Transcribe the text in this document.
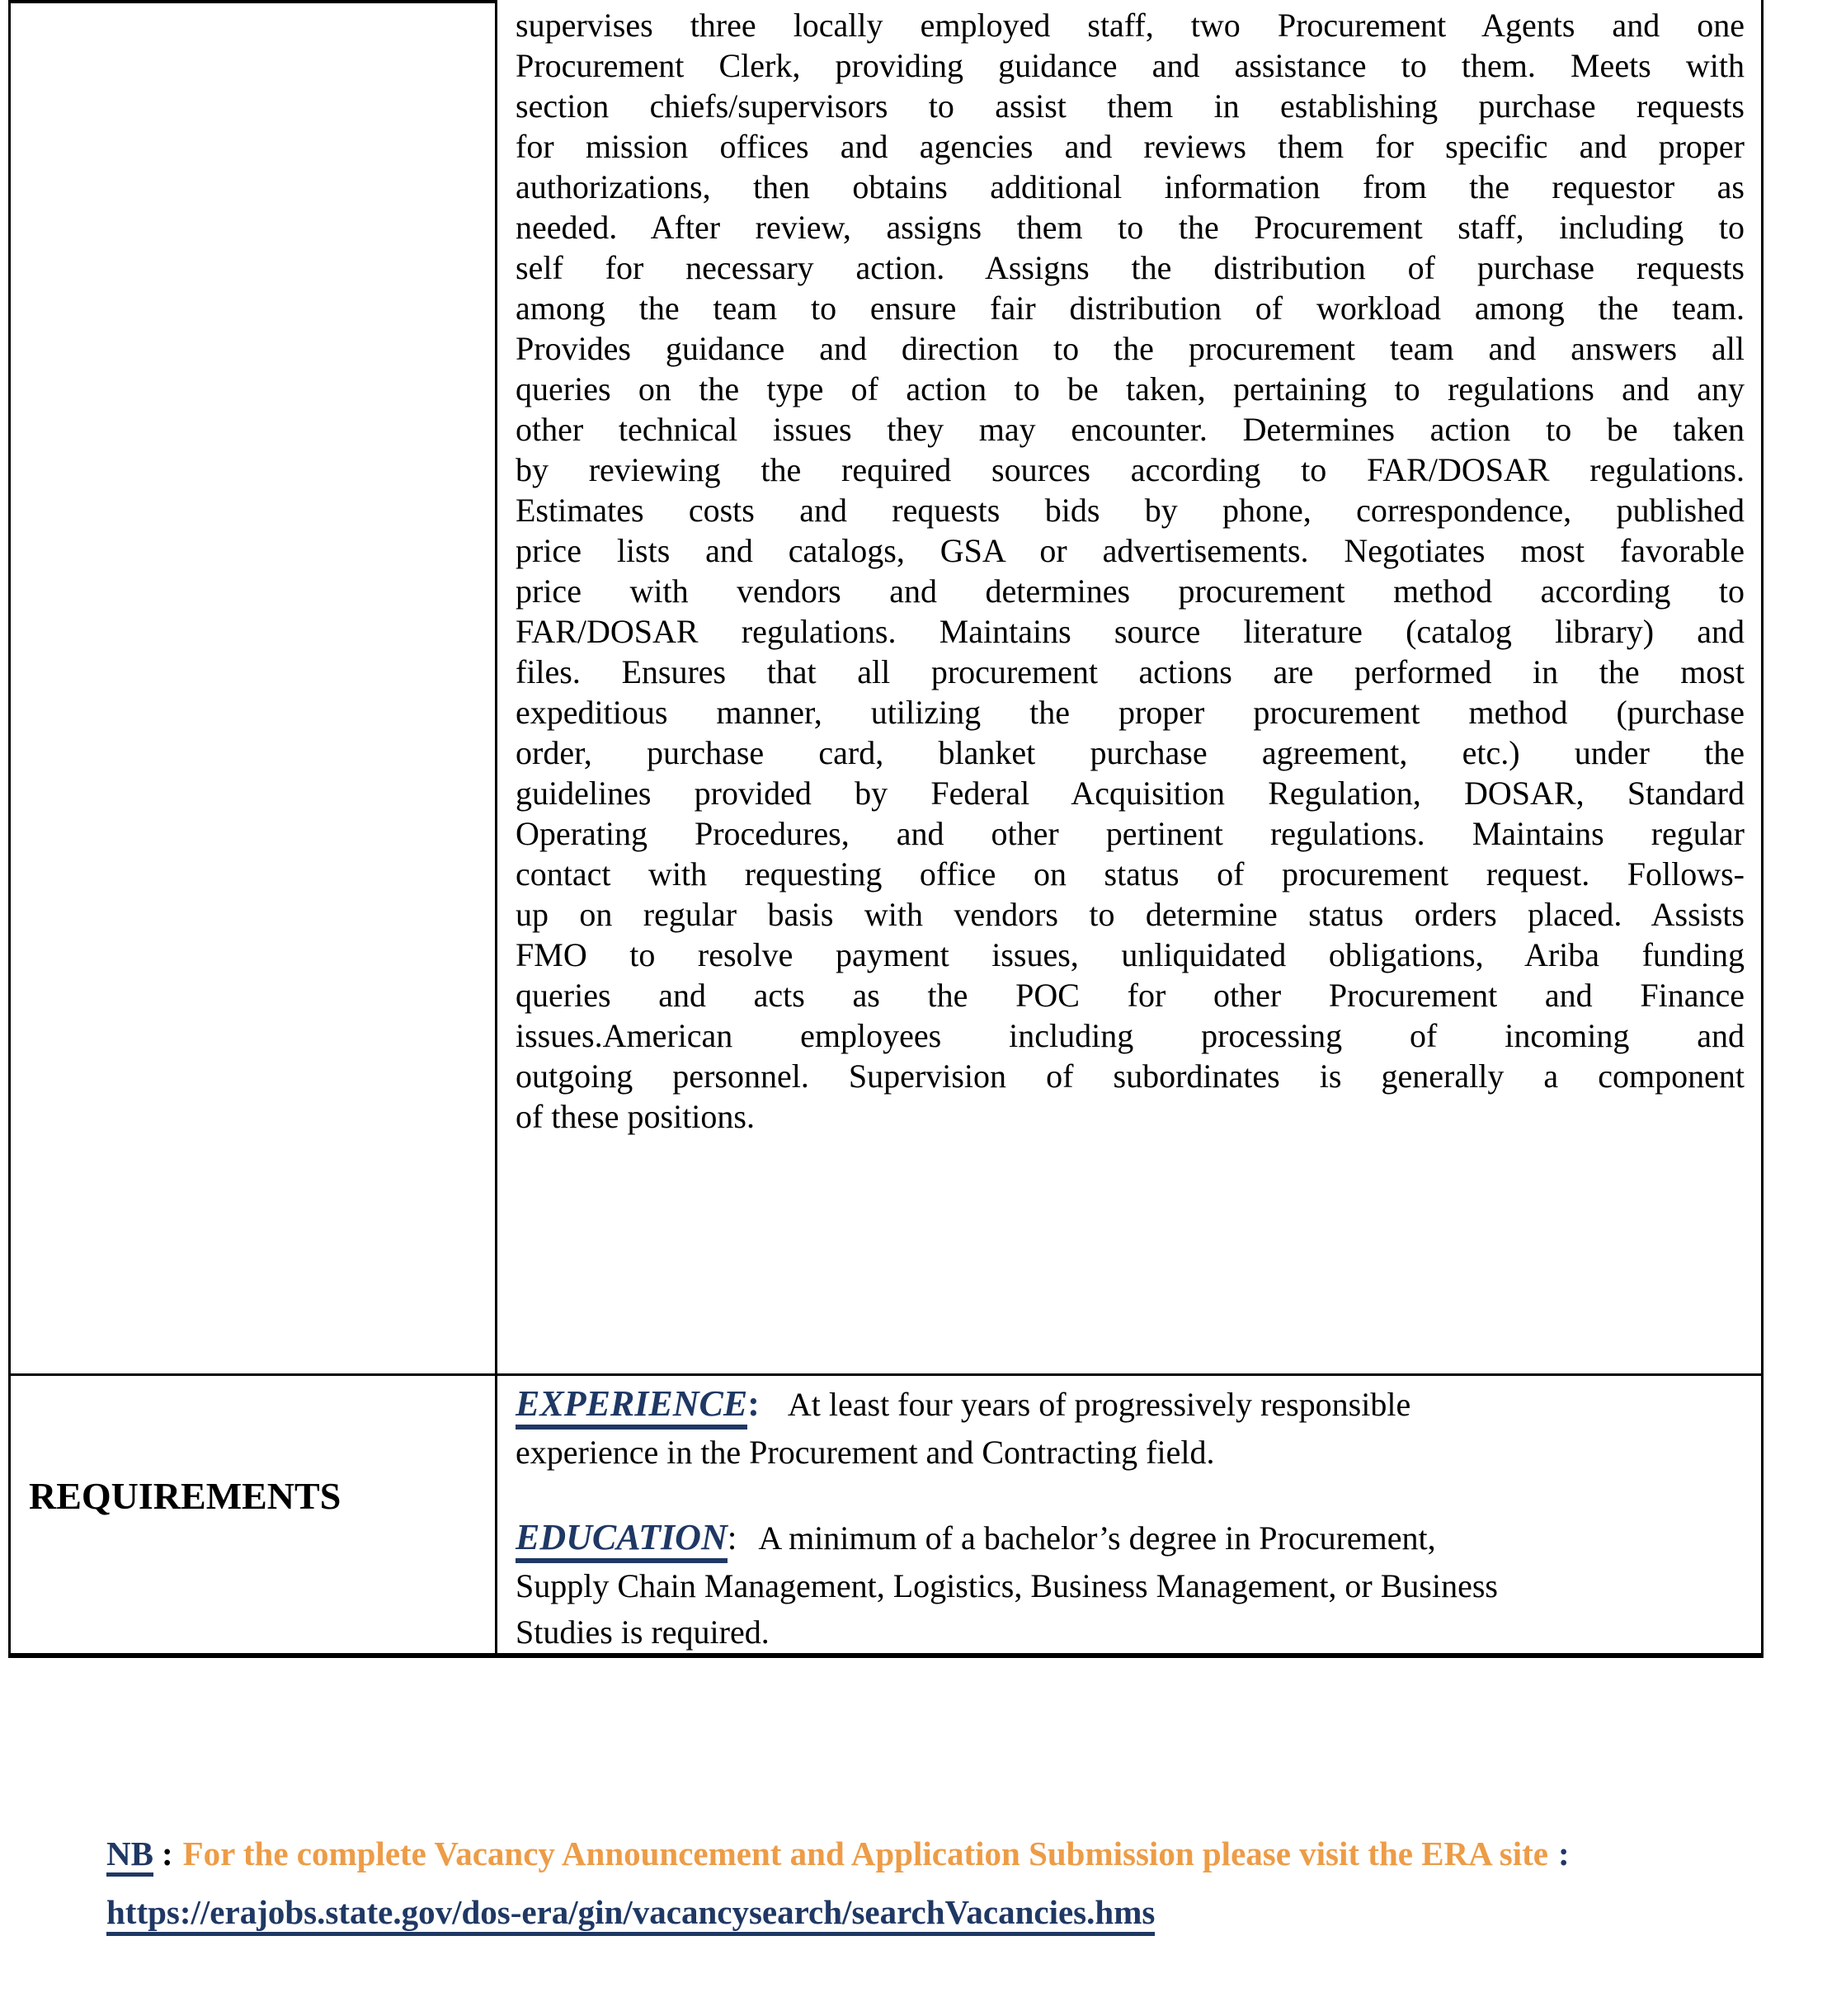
supervises three locally employed staff, two Procurement Agents and one
Procurement Clerk, providing guidance and assistance to them. Meets with
section chiefs/supervisors to assist them in establishing purchase requests
for mission offices and agencies and reviews them for specific and proper
authorizations, then obtains additional information from the requestor as
needed. After review, assigns them to the Procurement staff, including to
self for necessary action. Assigns the distribution of purchase requests
among the team to ensure fair distribution of workload among the team.
Provides guidance and direction to the procurement team and answers all
queries on the type of action to be taken, pertaining to regulations and any
other technical issues they may encounter. Determines action to be taken
by reviewing the required sources according to FAR/DOSAR regulations.
Estimates costs and requests bids by phone, correspondence, published
price lists and catalogs, GSA or advertisements. Negotiates most favorable
price with vendors and determines procurement method according to
FAR/DOSAR regulations. Maintains source literature (catalog library) and
files. Ensures that all procurement actions are performed in the most
expeditious manner, utilizing the proper procurement method (purchase
order, purchase card, blanket purchase agreement, etc.) under the
guidelines provided by Federal Acquisition Regulation, DOSAR, Standard
Operating Procedures, and other pertinent regulations. Maintains regular
contact with requesting office on status of procurement request. Follows-
up on regular basis with vendors to determine status orders placed. Assists
FMO to resolve payment issues, unliquidated obligations, Ariba funding
queries and acts as the POC for other Procurement and Finance
issues.American employees including processing of incoming and
outgoing personnel. Supervision of subordinates is generally a component
of these positions.
REQUIREMENTS
EXPERIENCE: At least four years of progressively responsible
experience in the Procurement and Contracting field.
EDUCATION: A minimum of a bachelor’s degree in Procurement,
Supply Chain Management, Logistics, Business Management, or Business
Studies is required.
NB : For the complete Vacancy Announcement and Application Submission please visit the ERA site :
https://erajobs.state.gov/dos-era/gin/vacancysearch/searchVacancies.hms
